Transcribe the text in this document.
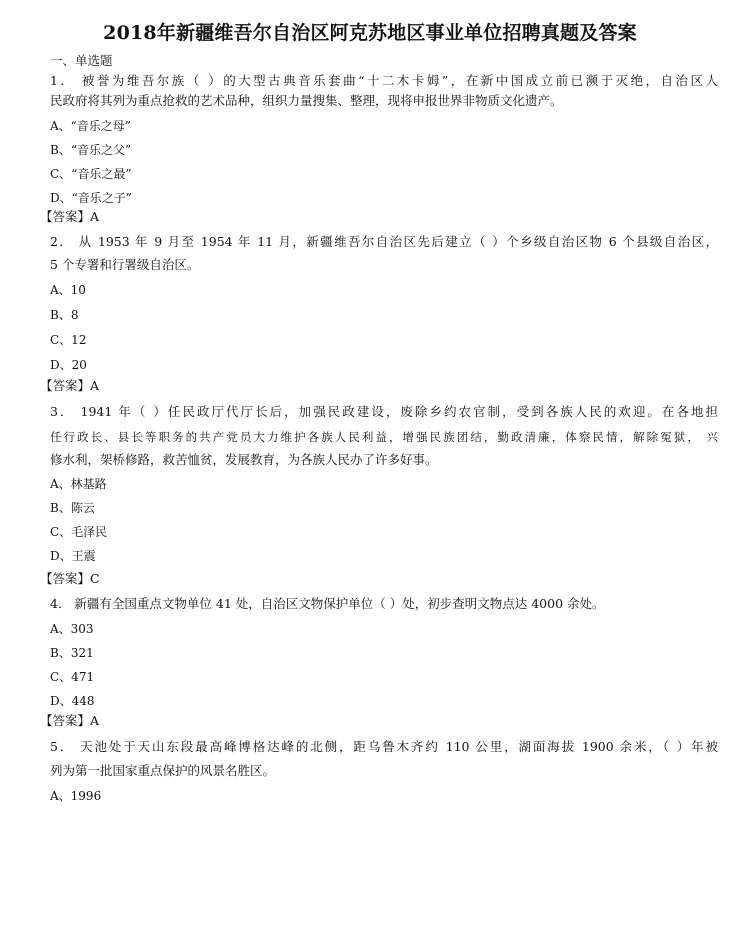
2018年新疆维吾尔自治区阿克苏地区事业单位招聘真题及答案
一、单选题
1． 被誉为维吾尔族（ ）的大型古典音乐套曲“十二木卡姆”，在新中国成立前已濒于灭绝，自治区人
民政府将其列为重点抢救的艺术品种，组织力量搜集、整理，现将申报世界非物质文化遗产。
A、“音乐之母”
B、“音乐之父”
C、“音乐之最”
D、“音乐之子”
【答案】A
2． 从 1953 年 9 月至 1954 年 11 月，新疆维吾尔自治区先后建立（ ）个乡级自治区物 6 个县级自治区，
5 个专署和行署级自治区。
A、10
B、8
C、12
D、20
【答案】A
3． 1941 年（ ）任民政厅代厅长后，加强民政建设，废除乡约农官制，受到各族人民的欢迎。在各地担
任行政长、县长等职务的共产党员大力维护各族人民利益，增强民族团结，勤政清廉，体察民情，解除冤狱， 兴
修水利，架桥修路，救苦恤贫，发展教育，为各族人民办了许多好事。
A、林基路
B、陈云
C、毛泽民
D、王震
【答案】C
4． 新疆有全国重点文物单位 41 处，自治区文物保护单位（ ）处，初步查明文物点达 4000 余处。
A、303
B、321
C、471
D、448
【答案】A
5． 天池处于天山东段最高峰博格达峰的北侧，距乌鲁木齐约 110 公里，湖面海拔 1900 余米，（ ）年被
列为第一批国家重点保护的风景名胜区。
A、1996
